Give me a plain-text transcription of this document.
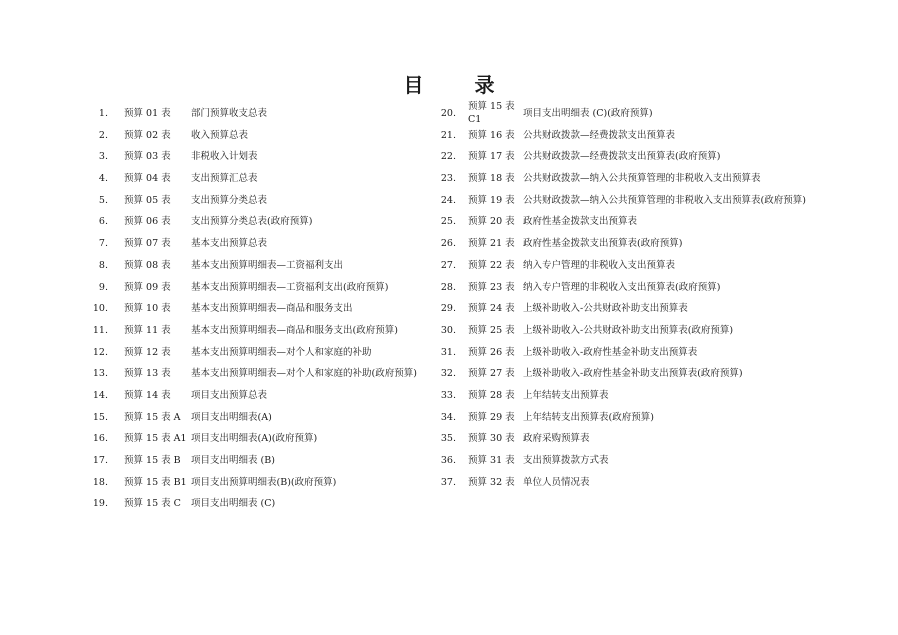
目 录
1. 预算 01 表 部门预算收支总表
2. 预算 02 表 收入预算总表
3. 预算 03 表 非税收入计划表
4. 预算 04 表 支出预算汇总表
5. 预算 05 表 支出预算分类总表
6. 预算 06 表 支出预算分类总表(政府预算)
7. 预算 07 表 基本支出预算总表
8. 预算 08 表 基本支出预算明细表—工资福利支出
9. 预算 09 表 基本支出预算明细表—工资福利支出(政府预算)
10. 预算 10 表 基本支出预算明细表—商品和服务支出
11. 预算 11 表 基本支出预算明细表—商品和服务支出(政府预算)
12. 预算 12 表 基本支出预算明细表—对个人和家庭的补助
13. 预算 13 表 基本支出预算明细表—对个人和家庭的补助(政府预算)
14. 预算 14 表 项目支出预算总表
15. 预算 15 表 A 项目支出明细表(A)
16. 预算 15 表 A1 项目支出明细表(A)(政府预算)
17. 预算 15 表 B 项目支出明细表 (B)
18. 预算 15 表 B1 项目支出预算明细表(B)(政府预算)
19. 预算 15 表 C 项目支出明细表 (C)
20.
预算 15 表 C1
项目支出明细表 (C)(政府预算)
21. 预算 16 表 公共财政拨款—经费拨款支出预算表
22. 预算 17 表 公共财政拨款—经费拨款支出预算表(政府预算)
23. 预算 18 表 公共财政拨款—纳入公共预算管理的非税收入支出预算表
24. 预算 19 表 公共财政拨款—纳入公共预算管理的非税收入支出预算表(政府预算)
25. 预算 20 表 政府性基金拨款支出预算表
26. 预算 21 表 政府性基金拨款支出预算表(政府预算)
27. 预算 22 表 纳入专户管理的非税收入支出预算表
28. 预算 23 表 纳入专户管理的非税收入支出预算表(政府预算)
29. 预算 24 表 上级补助收入-公共财政补助支出预算表
30. 预算 25 表 上级补助收入-公共财政补助支出预算表(政府预算)
31. 预算 26 表 上级补助收入-政府性基金补助支出预算表
32. 预算 27 表 上级补助收入-政府性基金补助支出预算表(政府预算)
33. 预算 28 表 上年结转支出预算表
34. 预算 29 表 上年结转支出预算表(政府预算)
35. 预算 30 表 政府采购预算表
36. 预算 31 表 支出预算拨款方式表
37. 预算 32 表 单位人员情况表
